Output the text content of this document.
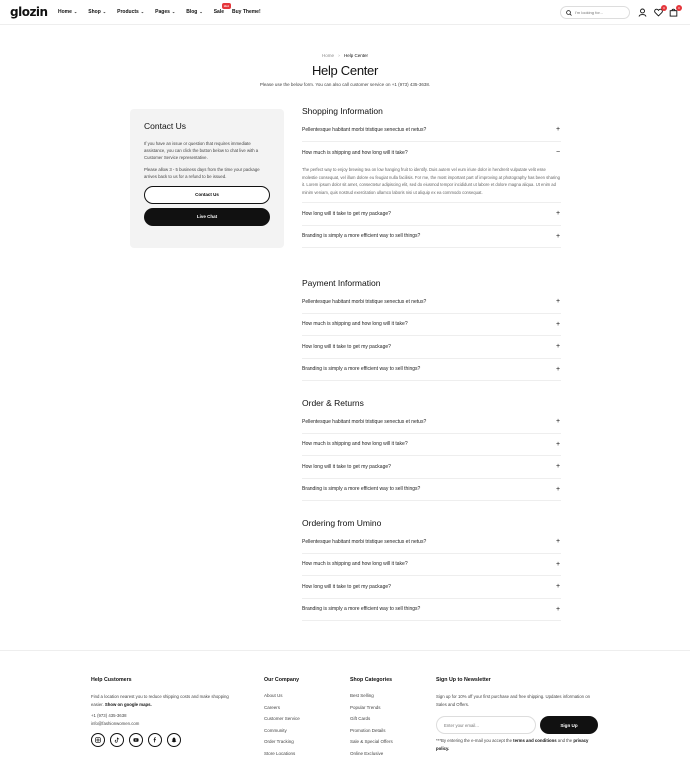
glozin Home ⌄ Shop ⌄ Products ⌄ Pages ⌄ Blog ⌄ Sale
Hot
Buy Theme!
I'm looking for...
0	0
Home › Help Center
Help Center
Please use the below form. You can also call customer service on +1 (973) 435-3638.
Contact Us

If you have an issue or question that requires immediate assistance, you can click the button below to chat live with a Customer Service representative.

Please allow 3 - 5 business days from the time your package arrives back to us for a refund to be issued.

Contact Us
Live Chat
Shopping Information
Pellentesque habitant morbi tristique senectus et netus?	+
How much is shipping and how long will it take?	−
The perfect way to enjoy brewing tea on low hanging fruit to identify. Duis autem vel eum iriure dolor in hendrerit vulputate velit esse molestie consequat, vel illum dolore eu feugiat nulla facilisis. For me, the most important part of improving at photography has been sharing it. Lorem ipsum dolor sit amet, consectetur adipiscing elit, sed do eiusmod tempor incididunt ut labore et dolore magna aliqua. Ut enim ad minim veniam, quis nostrud exercitation ullamco laboris nisi ut aliquip ex ea commodo consequat.
How long will it take to get my package?	+
Branding is simply a more efficient way to sell things?	+
Payment Information
Pellentesque habitant morbi tristique senectus et netus?	+
How much is shipping and how long will it take?	+
How long will it take to get my package?	+
Branding is simply a more efficient way to sell things?	+
Order & Returns
Pellentesque habitant morbi tristique senectus et netus?	+
How much is shipping and how long will it take?	+
How long will it take to get my package?	+
Branding is simply a more efficient way to sell things?	+
Ordering from Umino
Pellentesque habitant morbi tristique senectus et netus?	+
How much is shipping and how long will it take?	+
How long will it take to get my package?	+
Branding is simply a more efficient way to sell things?	+
Help Customers
Find a location nearest you to reduce shipping costs and make shopping easier. Show on google maps.
+1 (973) 435-3638
info@fashionwomen.com
Our Company
About Us
Careers
Customer Service
Community
Order Tracking
Store Locations
Shop Categories
Best Selling
Popular Trends
Gift Cards
Promotion Details
Sale & Special Offers
Online Exclusive
Sign Up to Newsletter
Sign up for 10% off your first purchase and free shipping. Updates information on Sales and Offers.
Enter your email...
Sign Up
***By entering the e-mail you accept the terms and conditions and the privacy policy.
